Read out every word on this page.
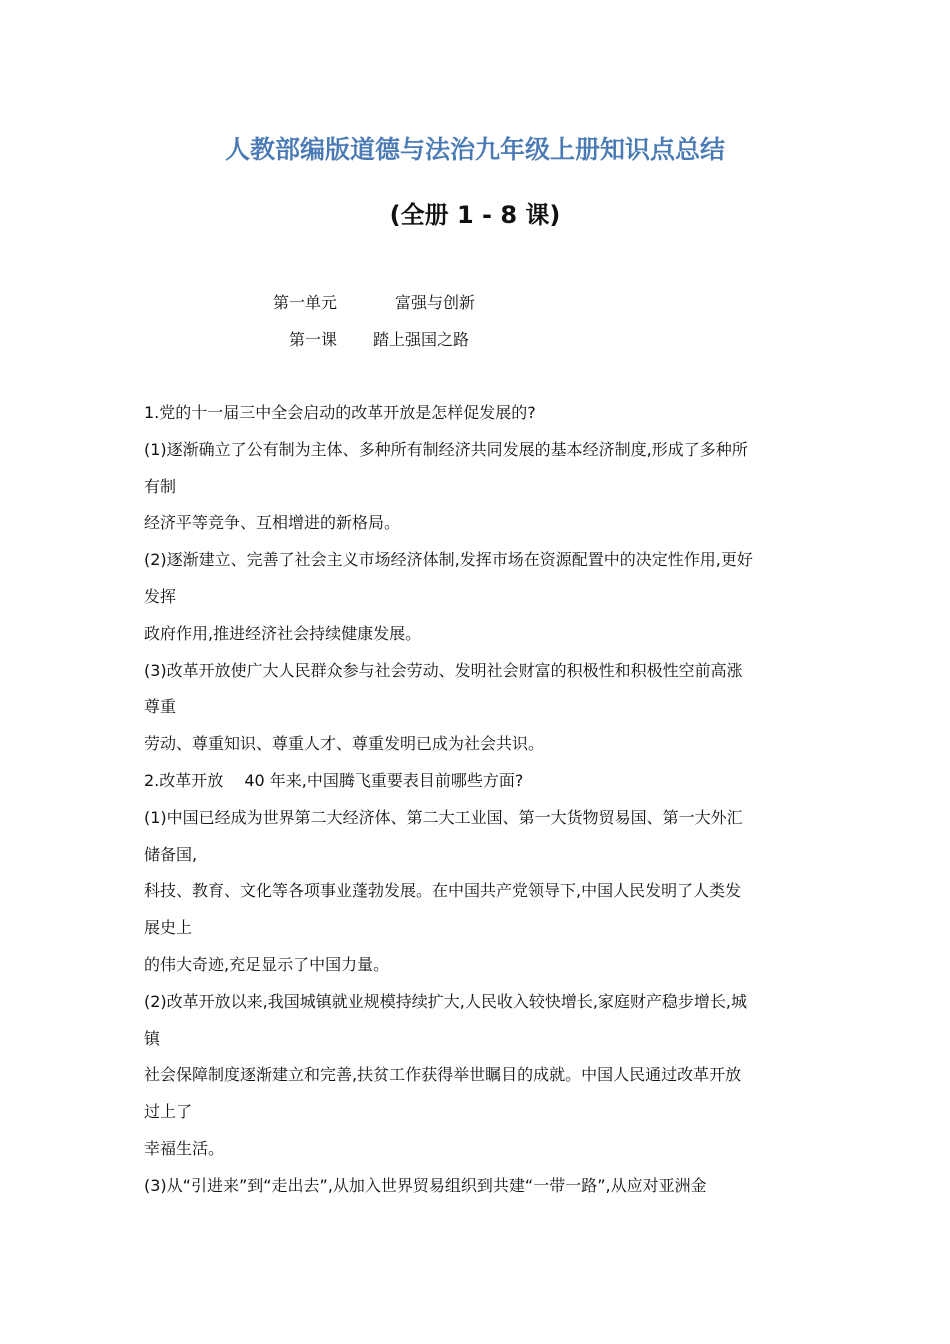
人教部编版道德与法治九年级上册知识点总结
(全册 1 - 8 课)
第一单元	富强与创新
第一课 踏上强国之路
1.党的十一届三中全会启动的改革开放是怎样促发展的?
(1)逐渐确立了公有制为主体、多种所有制经济共同发展的基本经济制度,形成了多种所
有制
经济平等竞争、互相增进的新格局。
(2)逐渐建立、完善了社会主义市场经济体制,发挥市场在资源配置中的决定性作用,更好
发挥
政府作用,推进经济社会持续健康发展。
(3)改革开放使广大人民群众参与社会劳动、发明社会财富的积极性和积极性空前高涨
尊重
劳动、尊重知识、尊重人才、尊重发明已成为社会共识。
2.改革开放　 40 年来,中国腾飞重要表目前哪些方面?
(1)中国已经成为世界第二大经济体、第二大工业国、第一大货物贸易国、第一大外汇
储备国,
科技、教育、文化等各项事业蓬勃发展。在中国共产党领导下,中国人民发明了人类发
展史上
的伟大奇迹,充足显示了中国力量。
(2)改革开放以来,我国城镇就业规模持续扩大,人民收入较快增长,家庭财产稳步增长,城
镇
社会保障制度逐渐建立和完善,扶贫工作获得举世瞩目的成就。中国人民通过改革开放
过上了
幸福生活。
(3)从“引进来”到“走出去”,从加入世界贸易组织到共建“一带一路”,从应对亚洲金
